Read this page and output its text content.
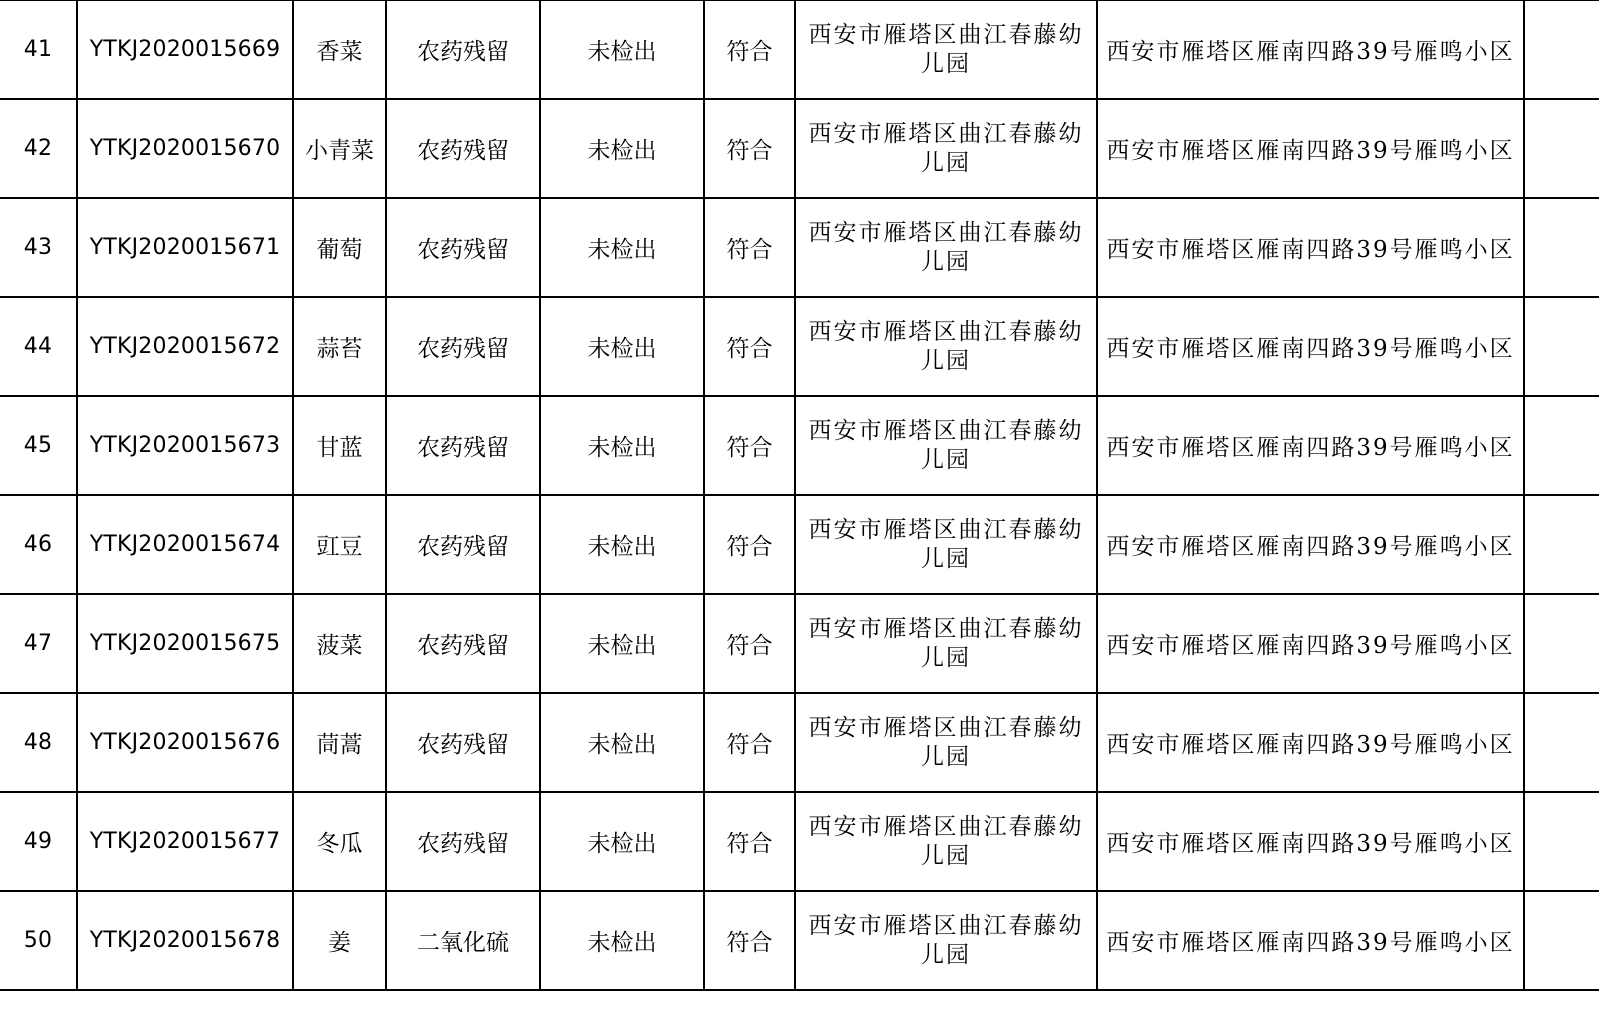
41	YTKJ2020015669	香菜	农药残留	未检出	符合	西安市雁塔区曲江春藤幼儿园	西安市雁塔区雁南四路39号雁鸣小区	
42	YTKJ2020015670	小青菜	农药残留	未检出	符合	西安市雁塔区曲江春藤幼儿园	西安市雁塔区雁南四路39号雁鸣小区	
43	YTKJ2020015671	葡萄	农药残留	未检出	符合	西安市雁塔区曲江春藤幼儿园	西安市雁塔区雁南四路39号雁鸣小区	
44	YTKJ2020015672	蒜苔	农药残留	未检出	符合	西安市雁塔区曲江春藤幼儿园	西安市雁塔区雁南四路39号雁鸣小区	
45	YTKJ2020015673	甘蓝	农药残留	未检出	符合	西安市雁塔区曲江春藤幼儿园	西安市雁塔区雁南四路39号雁鸣小区	
46	YTKJ2020015674	豇豆	农药残留	未检出	符合	西安市雁塔区曲江春藤幼儿园	西安市雁塔区雁南四路39号雁鸣小区	
47	YTKJ2020015675	菠菜	农药残留	未检出	符合	西安市雁塔区曲江春藤幼儿园	西安市雁塔区雁南四路39号雁鸣小区	
48	YTKJ2020015676	茼蒿	农药残留	未检出	符合	西安市雁塔区曲江春藤幼儿园	西安市雁塔区雁南四路39号雁鸣小区	
49	YTKJ2020015677	冬瓜	农药残留	未检出	符合	西安市雁塔区曲江春藤幼儿园	西安市雁塔区雁南四路39号雁鸣小区	
50	YTKJ2020015678	姜	二氧化硫	未检出	符合	西安市雁塔区曲江春藤幼儿园	西安市雁塔区雁南四路39号雁鸣小区	
